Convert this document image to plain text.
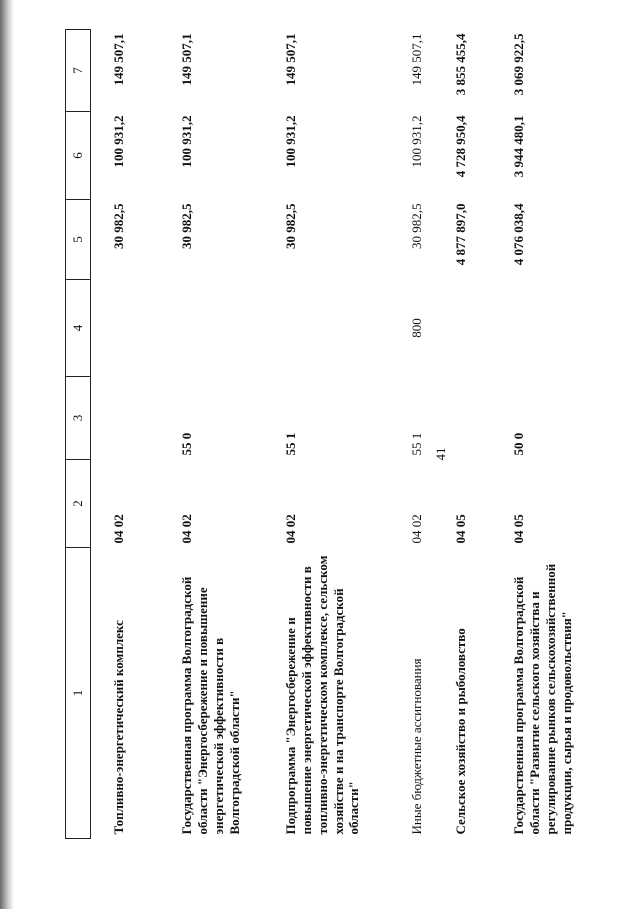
41
1	2	3	4	5	6	7

Топливно-энергетический комплекс	04 02			30 982,5	100 931,2	149 507,1
Государственная программа Волгоградской области "Энергосбережение и повышение энергетической эффективности в Волгоградской области"	04 02	55 0		30 982,5	100 931,2	149 507,1
Подпрограмма "Энергосбережение и повышение энергетической эффективности в топливно-энергетическом комплексе, сельском хозяйстве и на транспорте Волгоградской области"	04 02	55 1		30 982,5	100 931,2	149 507,1
Иные бюджетные ассигнования	04 02	55 1	800	30 982,5	100 931,2	149 507,1
Сельское хозяйство и рыболовство	04 05			4 877 897,0	4 728 950,4	3 855 455,4
Государственная программа Волгоградской области "Развитие сельского хозяйства и регулирование рынков сельскохозяйственной продукции, сырья и продовольствия"	04 05	50 0		4 076 038,4	3 944 480,1	3 069 922,5
